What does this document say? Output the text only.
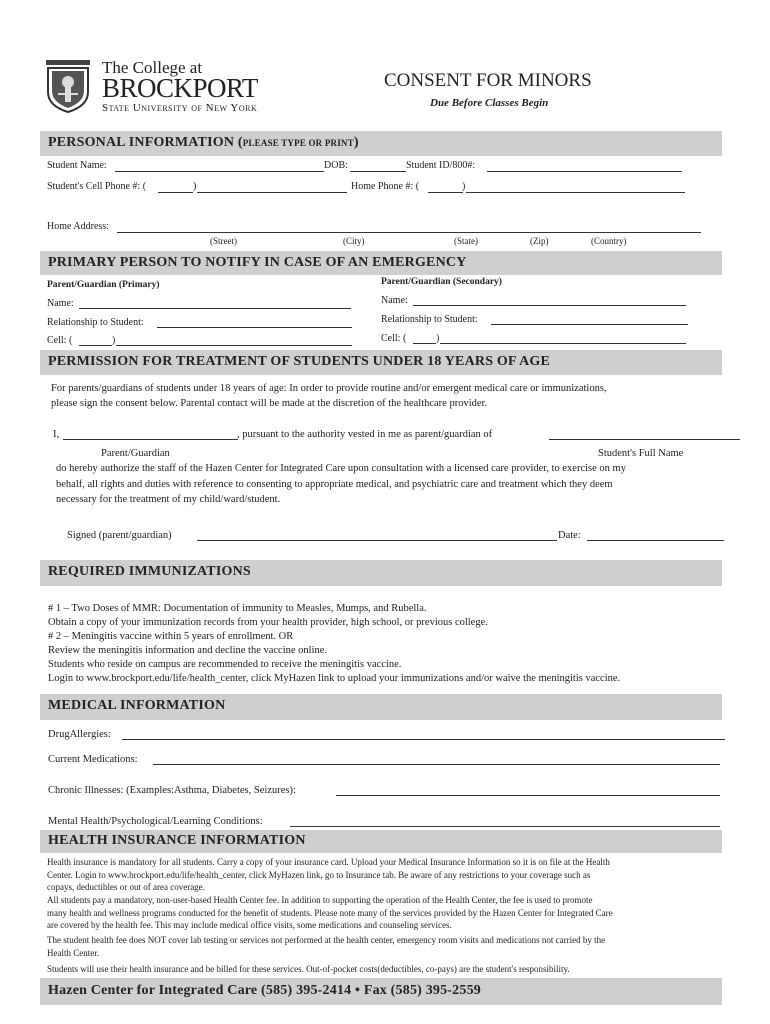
The College at
BROCKPORT
State University of New York
CONSENT FOR MINORS
Due Before Classes Begin
PERSONAL INFORMATION (PLEASE TYPE OR PRINT)
Student Name:	DOB:	Student ID/800#:
Student's Cell Phone #: (	)	Home Phone #: (	)
Home Address:
(Street)	(City)	(State)	(Zip)	(Country)
PRIMARY PERSON TO NOTIFY IN CASE OF AN EMERGENCY
Parent/Guardian (Primary)	Parent/Guardian (Secondary)
Name:	Name:
Relationship to Student:	Relationship to Student:
Cell: (	)	Cell: (	)
PERMISSION FOR TREATMENT OF STUDENTS UNDER 18 YEARS OF AGE
For parents/guardians of students under 18 years of age: In order to provide routine and/or emergent medical care or immunizations,
please sign the consent below. Parental contact will be made at the discretion of the healthcare provider.
I,	, pursuant to the authority vested in me as parent/guardian of
Parent/Guardian	Student's Full Name
do hereby authorize the staff of the Hazen Center for Integrated Care upon consultation with a licensed care provider, to exercise on my
behalf, all rights and duties with reference to consenting to appropriate medical, and psychiatric care and treatment which they deem
necessary for the treatment of my child/ward/student.
Signed (parent/guardian)	Date:
REQUIRED IMMUNIZATIONS
# 1 – Two Doses of MMR: Documentation of immunity to Measles, Mumps, and Rubella.
Obtain a copy of your immunization records from your health provider, high school, or previous college.
# 2 – Meningitis vaccine within 5 years of enrollment. OR
Review the meningitis information and decline the vaccine online.
Students who reside on campus are recommended to receive the meningitis vaccine.
Login to www.brockport.edu/life/health_center, click MyHazen link to upload your immunizations and/or waive the meningitis vaccine.
MEDICAL INFORMATION
DrugAllergies:
Current Medications:
Chronic Illnesses: (Examples:Asthma, Diabetes, Seizures):
Mental Health/Psychological/Learning Conditions:
HEALTH INSURANCE INFORMATION
Health insurance is mandatory for all students. Carry a copy of your insurance card. Upload your Medical Insurance Information so it is on file at the Health
Center. Login to www.brockport.edu/life/health_center, click MyHazen link, go to Insurance tab. Be aware of any restrictions to your coverage such as
copays, deductibles or out of area coverage.
All students pay a mandatory, non-user-based Health Center fee. In addition to supporting the operation of the Health Center, the fee is used to promote
many health and wellness programs conducted for the benefit of students. Please note many of the services provided by the Hazen Center for Integrated Care
are covered by the health fee. This may include medical office visits, some medications and counseling services.
The student health fee does NOT cover lab testing or services not performed at the health center, emergency room visits and medications not carried by the
Health Center.
Students will use their health insurance and be billed for these services. Out-of-pocket costs(deductibles, co-pays) are the student's responsibility.
Hazen Center for Integrated Care (585) 395-2414 • Fax (585) 395-2559
